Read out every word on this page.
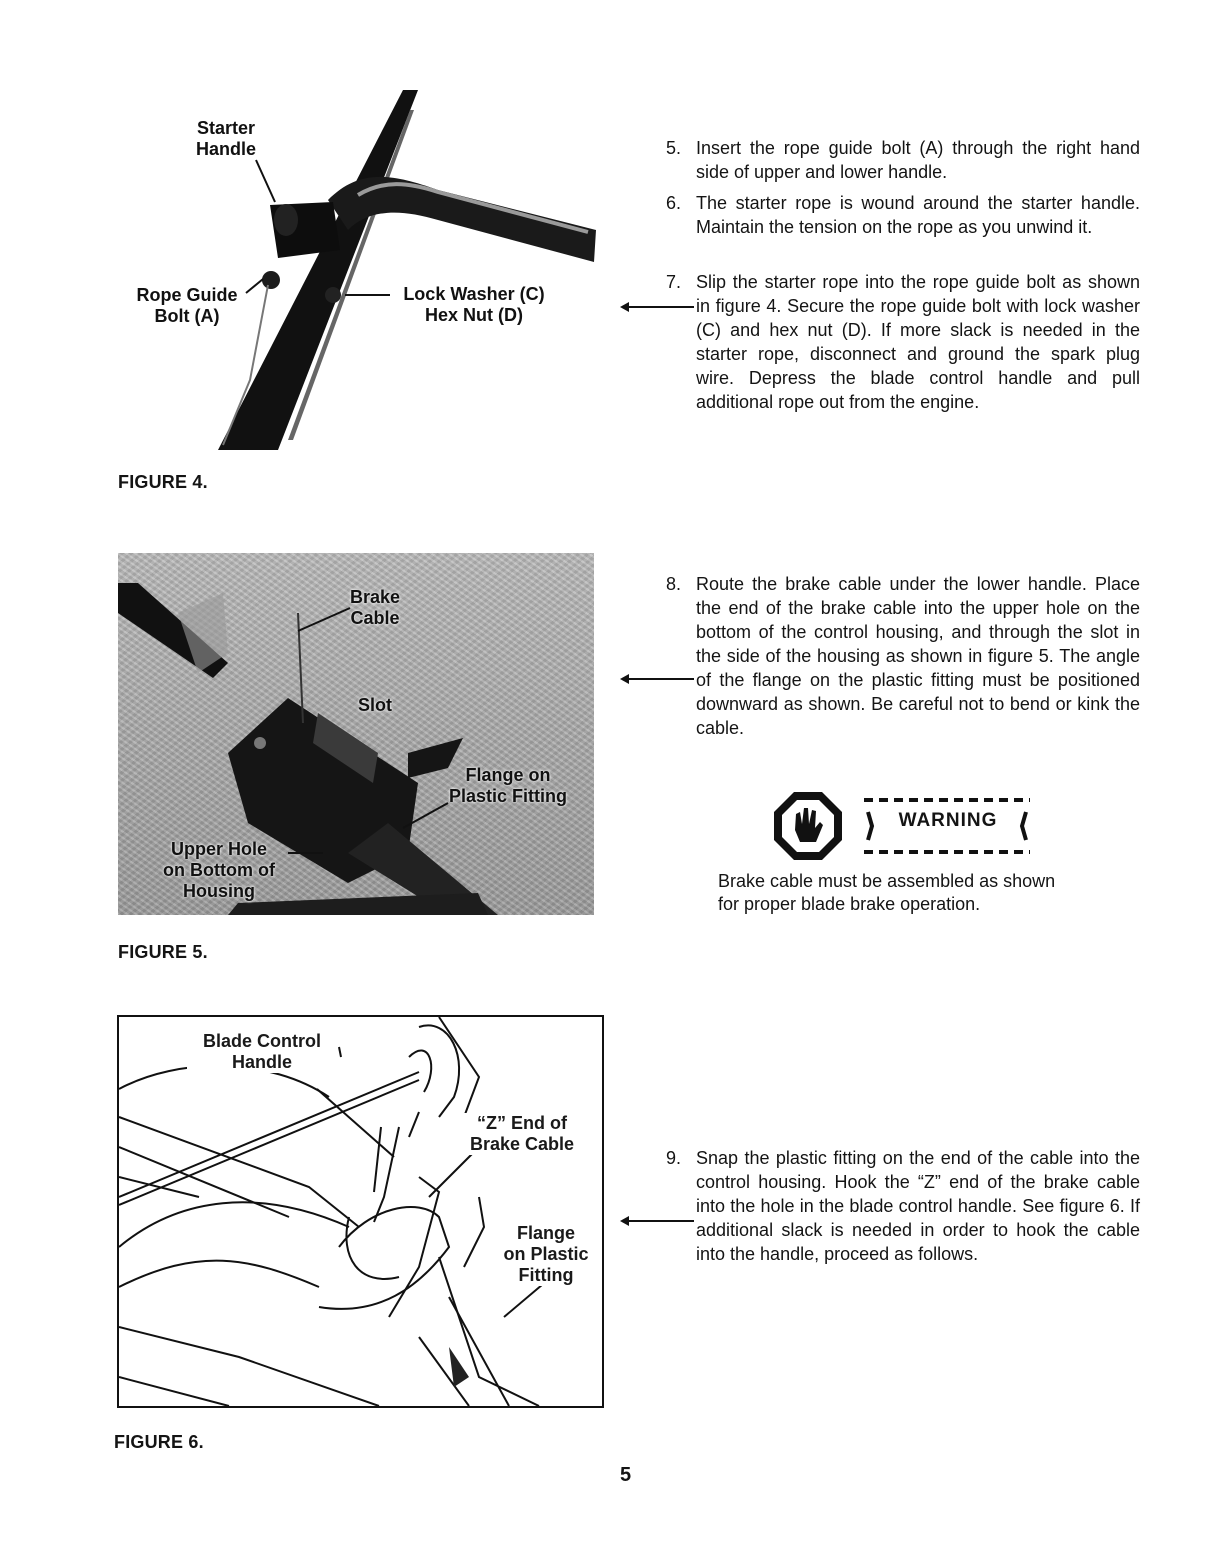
Starter
Handle
Rope Guide
Bolt (A)
Lock Washer (C)
Hex Nut (D)
FIGURE 4.
5. Insert the rope guide bolt (A) through the right hand side of upper and lower handle.
6. The starter rope is wound around the starter handle. Maintain the tension on the rope as you unwind it.
7. Slip the starter rope into the rope guide bolt as shown in figure 4. Secure the rope guide bolt with lock washer (C) and hex nut (D). If more slack is needed in the starter rope, disconnect and ground the spark plug wire. Depress the blade control handle and pull additional rope out from the engine.
Brake
Cable
Slot
Flange on
Plastic Fitting
Upper Hole
on Bottom of
Housing
FIGURE 5.
8. Route the brake cable under the lower handle. Place the end of the brake cable into the upper hole on the bottom of the control housing, and through the slot in the side of the housing as shown in figure 5. The angle of the flange on the plastic fitting must be positioned downward as shown. Be careful not to bend or kink the cable.
WARNING
Brake cable must be assembled as shown for proper blade brake operation.
Blade Control
Handle
“Z” End of
Brake Cable
Flange
on Plastic
Fitting
FIGURE 6.
9. Snap the plastic fitting on the end of the cable into the control housing. Hook the “Z” end of the brake cable into the hole in the blade control handle. See figure 6. If additional slack is needed in order to hook the cable into the handle, proceed as follows.
5
